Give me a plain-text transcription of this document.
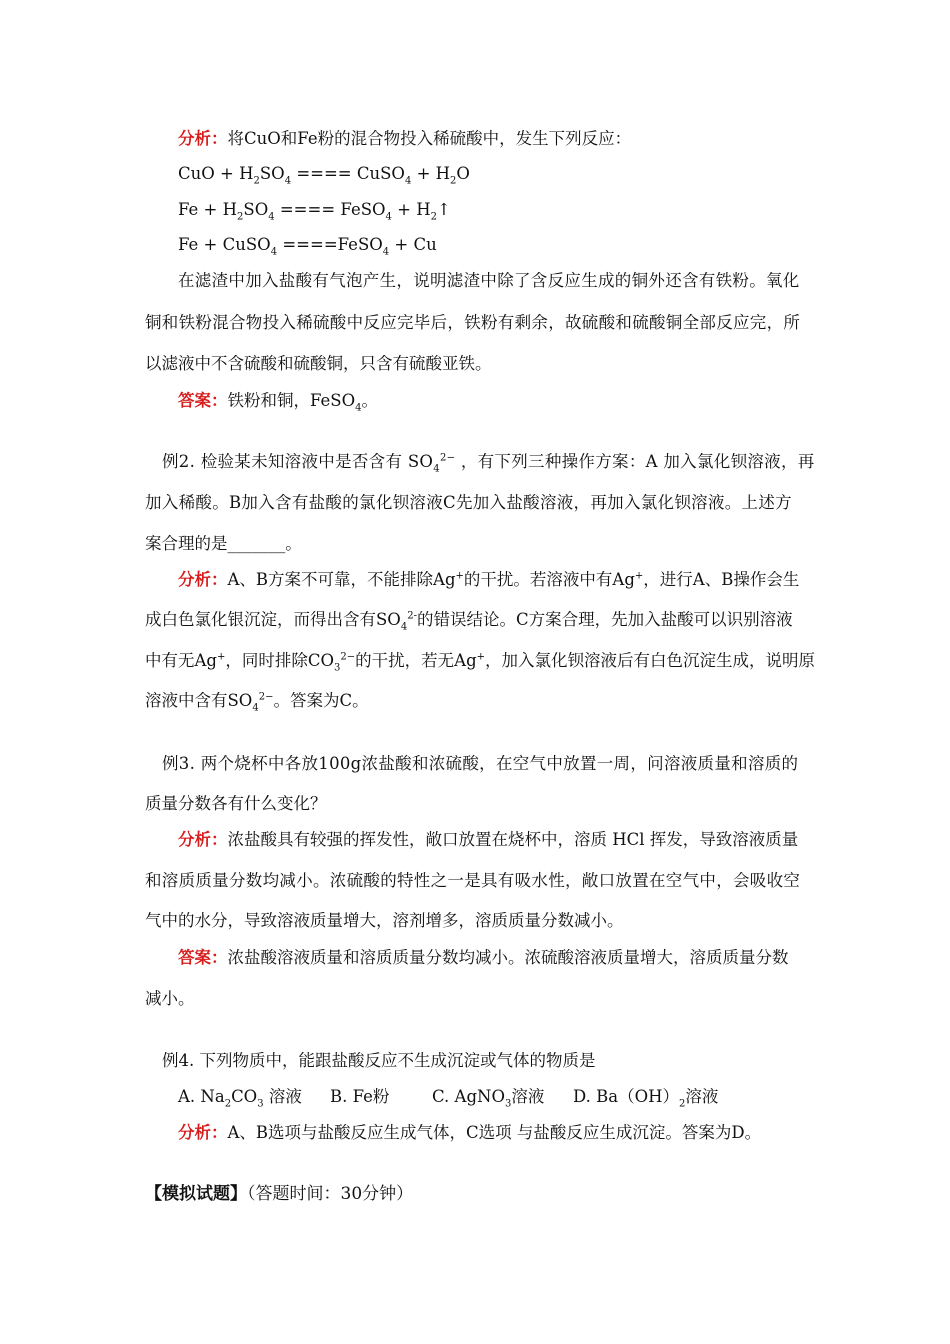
分析：将CuO和Fe粉的混合物投入稀硫酸中，发生下列反应：
CuO + $H_2SO_4$ ==== CuSO$_4$ + $H_2O$
$Fe + H_2SO_4$ ==== FeSO$_4$ + $H_2↑$
Fe + CuSO$_4$ ====FeSO$_4$ + Cu
在滤渣中加入盐酸有气泡产生，说明滤渣中除了含反应生成的铜外还含有铁粉。氧化
铜和铁粉混合物投入稀硫酸中反应完毕后，铁粉有剩余，故硫酸和硫酸铜全部反应完，所
以滤液中不含硫酸和硫酸铜，只含有硫酸亚铁。
答案：铁粉和铜，FeSO$_4$。
例2. 检验某未知溶液中是否含有 $SO_4^{2-}$ ，有下列三种操作方案：A 加入氯化钡溶液，再
加入稀酸。B加入含有盐酸的氯化钡溶液C先加入盐酸溶液，再加入氯化钡溶液。上述方
案合理的是_______。
分析：A、B方案不可靠，不能排除Ag+的干扰。若溶液中有Ag+，进行A、B操作会生
成白色氯化银沉淀，而得出含有$SO_4^{2-}$的错误结论。C方案合理，先加入盐酸可以识别溶液
中有无Ag+，同时排除$CO_3^{2-}$的干扰，若无Ag+，加入氯化钡溶液后有白色沉淀生成，说明原
溶液中含有$SO_4^{2-}$。答案为C。
例3. 两个烧杯中各放100g浓盐酸和浓硫酸，在空气中放置一周，问溶液质量和溶质的
质量分数各有什么变化？
分析：浓盐酸具有较强的挥发性，敞口放置在烧杯中，溶质 HCl 挥发，导致溶液质量
和溶质质量分数均减小。浓硫酸的特性之一是具有吸水性，敞口放置在空气中，会吸收空
气中的水分，导致溶液质量增大，溶剂增多，溶质质量分数减小。
答案：浓盐酸溶液质量和溶质质量分数均减小。浓硫酸溶液质量增大，溶质质量分数
减小。
例4. 下列物质中，能跟盐酸反应不生成沉淀或气体的物质是
A. $Na_2CO_3$ 溶液 B. Fe粉	C. AgNO$_3$溶液 D. $Ba(OH)_2$溶液
分析：A、B选项与盐酸反应生成气体，C选项 与盐酸反应生成沉淀。答案为D。
【模拟试题】（答题时间：30分钟）
